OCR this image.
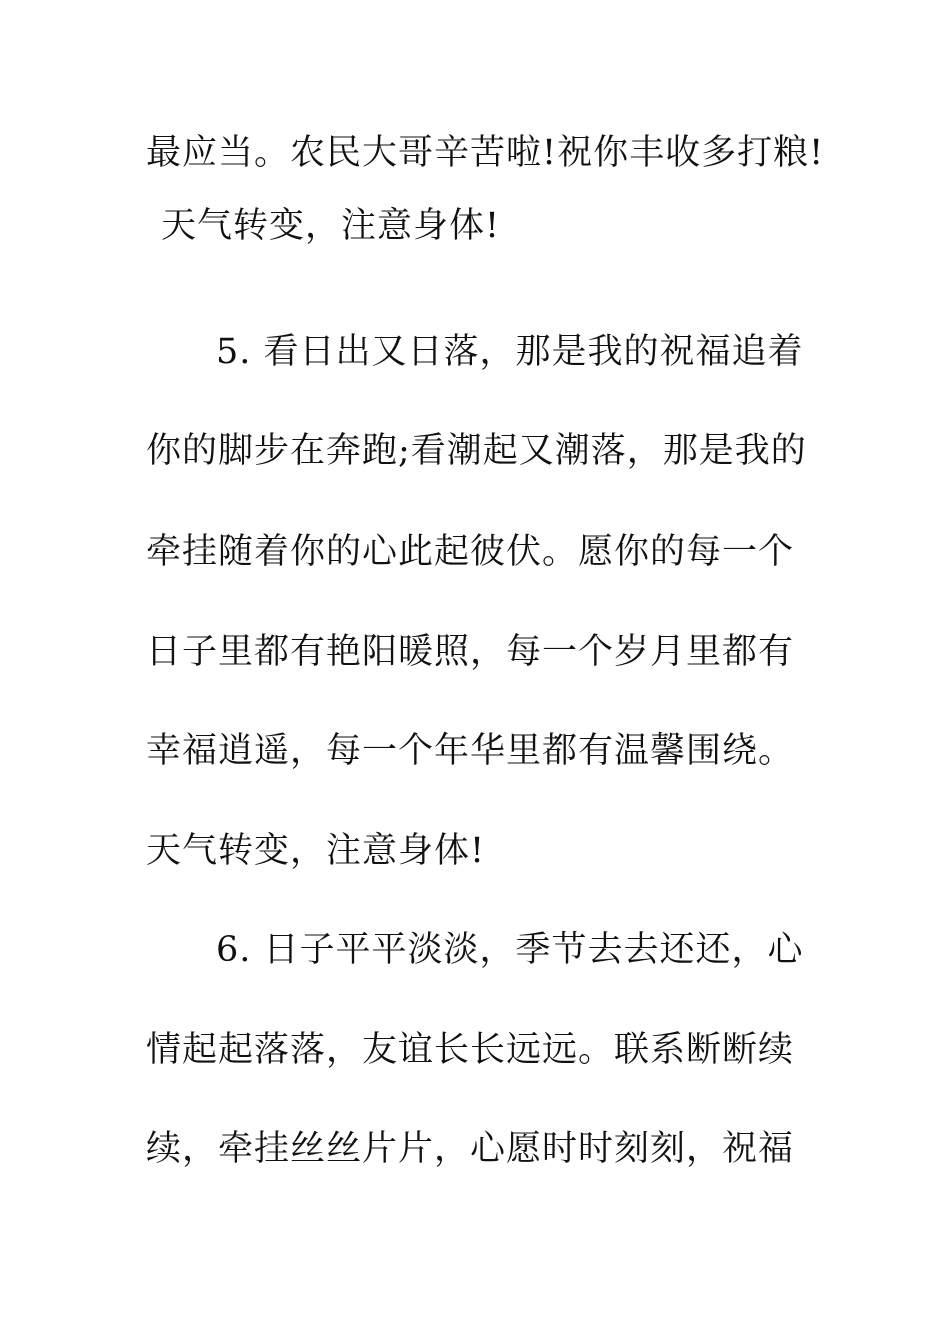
最应当。农民大哥辛苦啦!祝你丰收多打粮!
天气转变，注意身体!
5. 看日出又日落，那是我的祝福追着
你的脚步在奔跑;看潮起又潮落，那是我的
牵挂随着你的心此起彼伏。愿你的每一个
日子里都有艳阳暖照，每一个岁月里都有
幸福逍遥，每一个年华里都有温馨围绕。
天气转变，注意身体!
6. 日子平平淡淡，季节去去还还，心
情起起落落，友谊长长远远。联系断断续
续，牵挂丝丝片片，心愿时时刻刻，祝福
